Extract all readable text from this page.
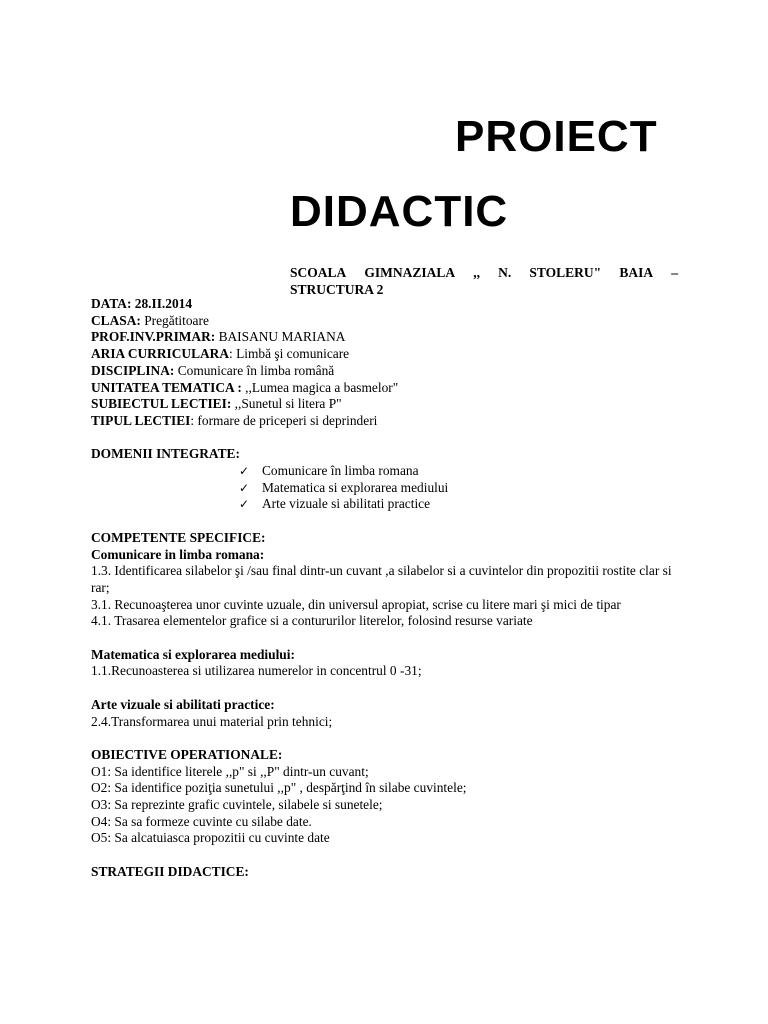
PROIECT
DIDACTIC
SCOALA GIMNAZIALA ,, N. STOLERU" BAIA –
STRUCTURA 2
DATA: 28.II.2014
CLASA: Pregătitoare
PROF.INV.PRIMAR: BAISANU MARIANA
ARIA CURRICULARA: Limbă şi comunicare
DISCIPLINA: Comunicare în limba română
UNITATEA TEMATICA : ,,Lumea magica a basmelor"
SUBIECTUL LECTIEI: ,,Sunetul si litera P"
TIPUL LECTIEI: formare de priceperi si deprinderi
DOMENII INTEGRATE:
✓ Comunicare în limba romana
✓ Matematica si explorarea mediului
✓ Arte vizuale si abilitati practice
COMPETENTE SPECIFICE:
Comunicare in limba romana:
1.3. Identificarea silabelor şi /sau final dintr-un cuvant ,a silabelor si a cuvintelor din propozitii rostite clar si rar;
3.1. Recunoaşterea unor cuvinte uzuale, din universul apropiat, scrise cu litere mari şi mici de tipar
4.1. Trasarea elementelor grafice si a contururilor literelor, folosind resurse variate
Matematica si explorarea mediului:
1.1.Recunoasterea si utilizarea numerelor in concentrul 0 -31;
Arte vizuale si abilitati practice:
2.4.Transformarea unui material prin tehnici;
OBIECTIVE OPERATIONALE:
O1: Sa identifice literele ,,p" si ,,P" dintr-un cuvant;
O2: Sa identifice poziţia sunetului ,,p" , despărţind în silabe cuvintele;
O3: Sa reprezinte grafic cuvintele, silabele si sunetele;
O4: Sa sa formeze cuvinte cu silabe date.
O5: Sa alcatuiasca propozitii cu cuvinte date
STRATEGII DIDACTICE:
